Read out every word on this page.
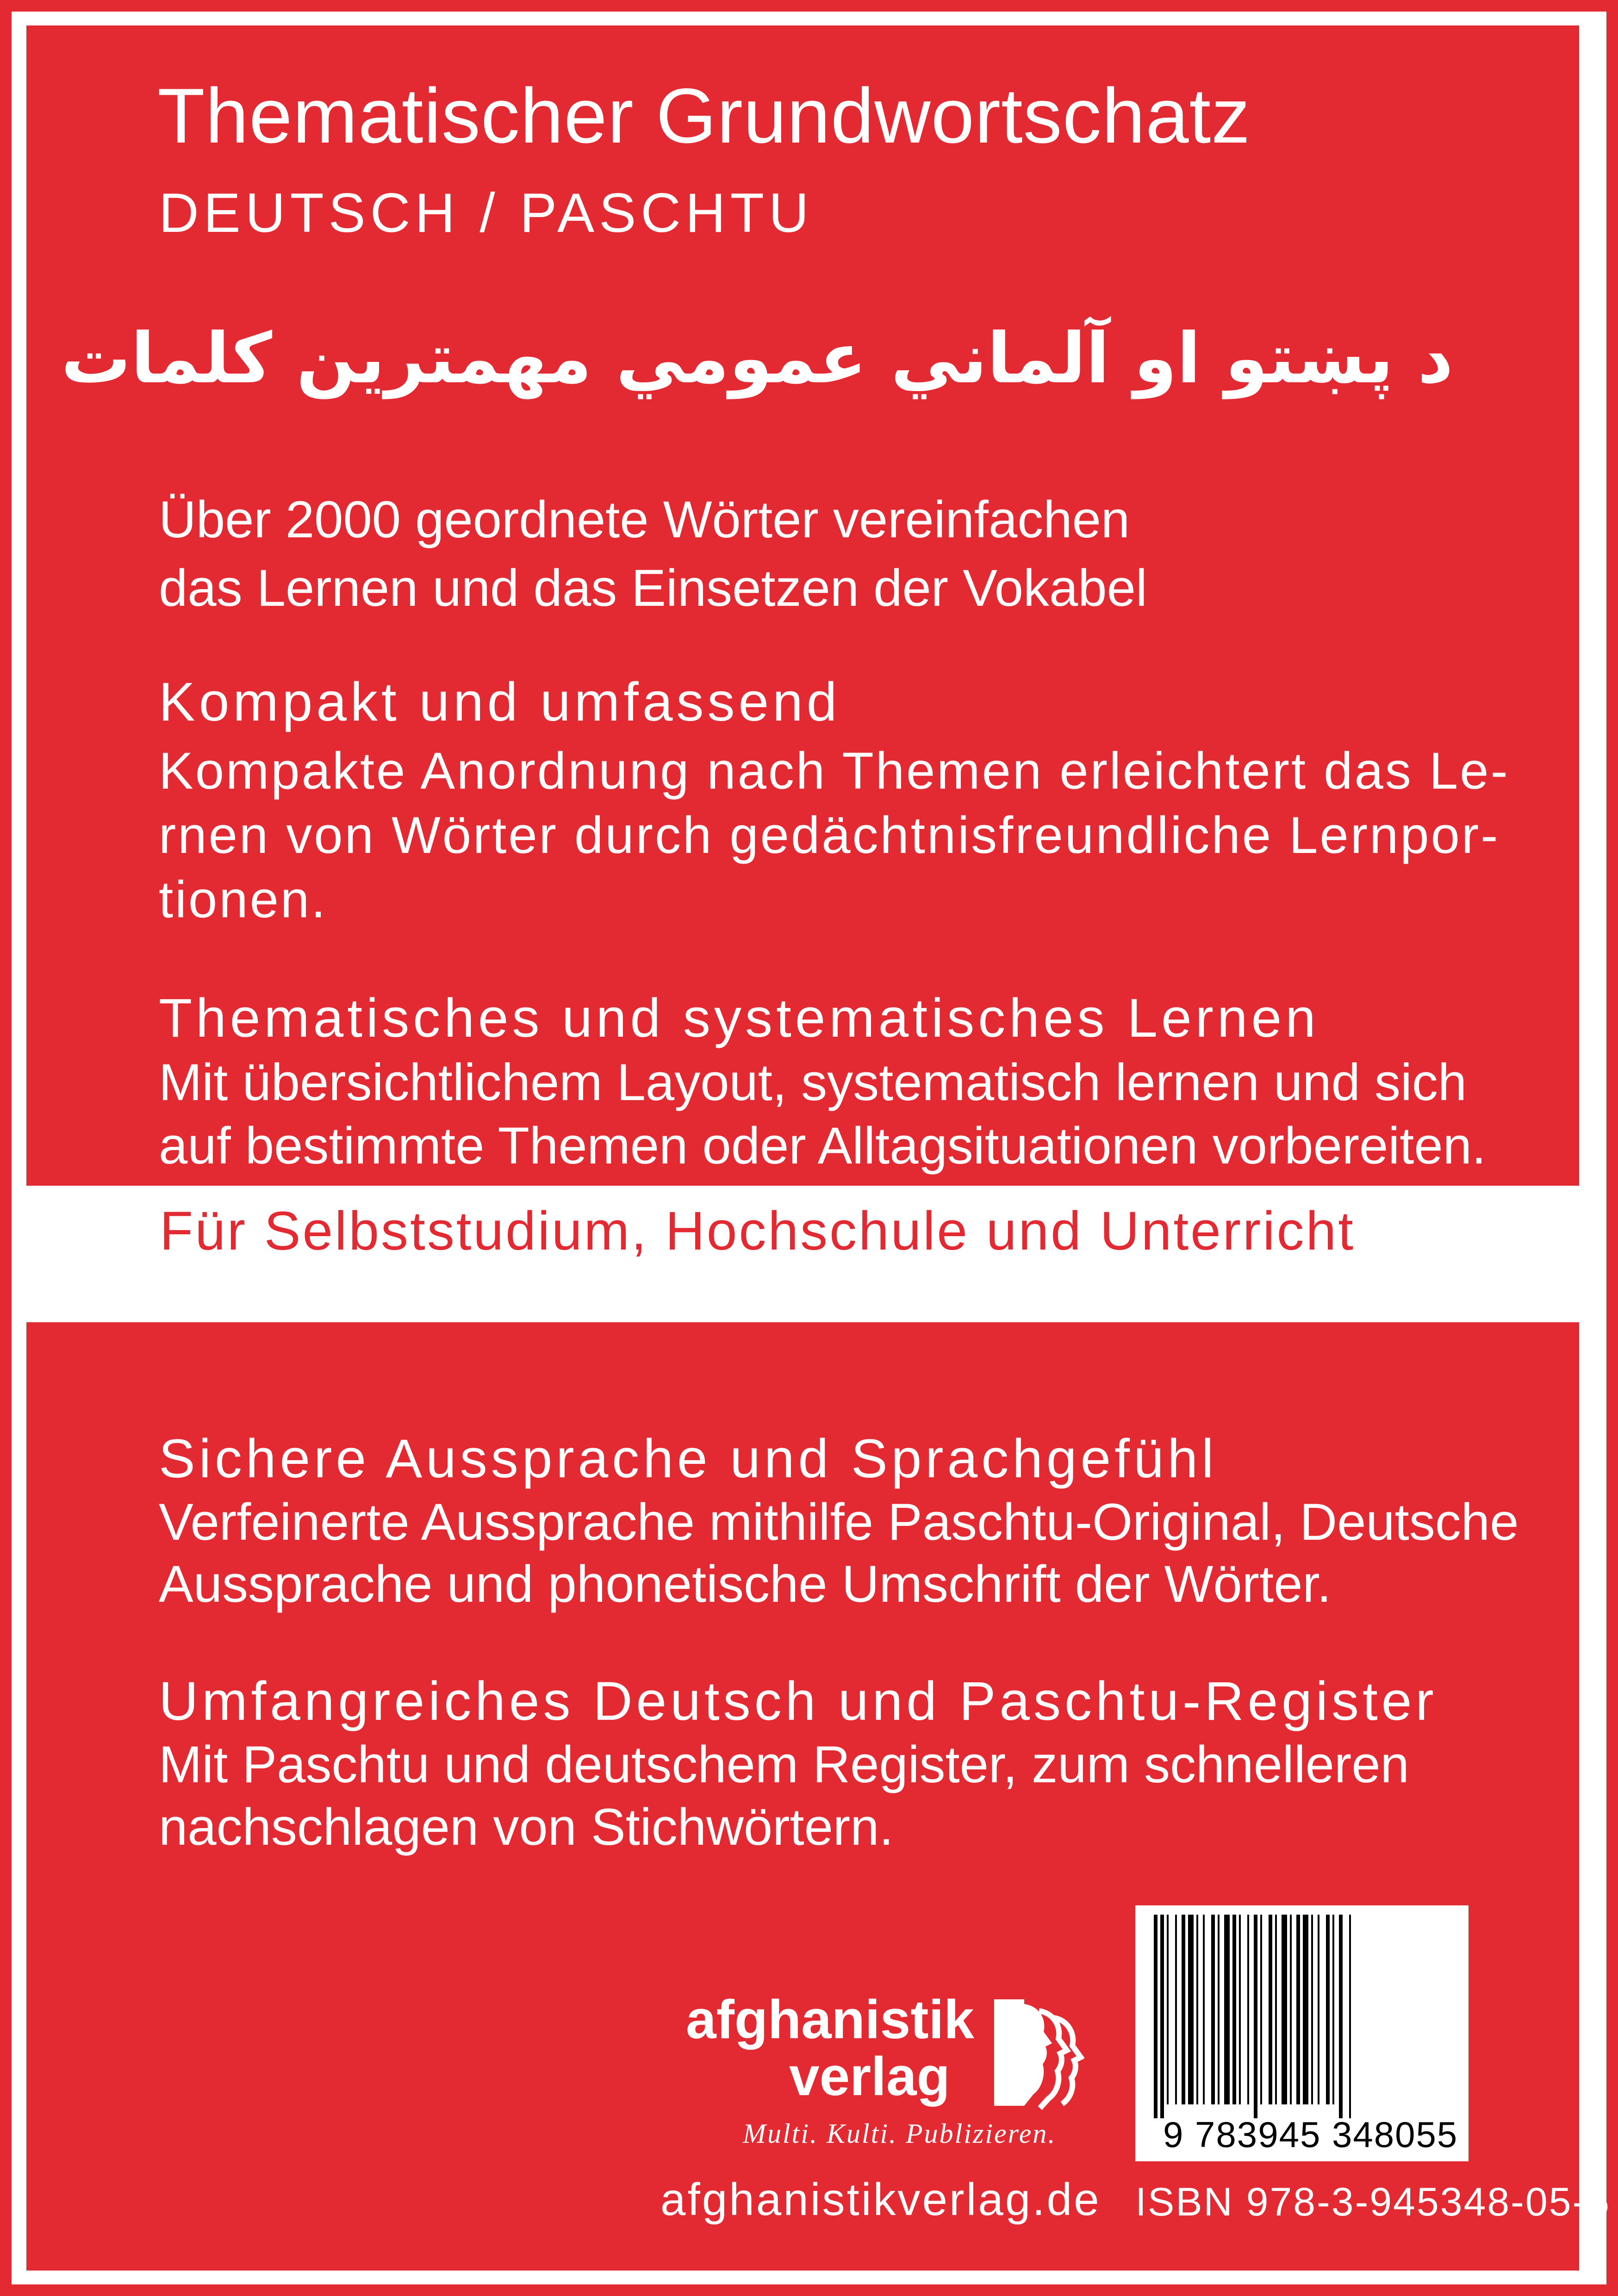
Thematischer Grundwortschatz
DEUTSCH / PASCHTU
د پښتو او آلماني عمومي مهمترين کلمات
Über 2000 geordnete Wörter vereinfachen
das Lernen und das Einsetzen der Vokabel
Kompakt und umfassend
Kompakte Anordnung nach Themen erleichtert das Le-
rnen von Wörter durch gedächtnisfreundliche Lernpor-
tionen.
Thematisches und systematisches Lernen
Mit übersichtlichem Layout, systematisch lernen und sich
auf bestimmte Themen oder Alltagsituationen vorbereiten.
Für Selbststudium, Hochschule und Unterricht
Sichere Aussprache und Sprachgefühl
Verfeinerte Aussprache mithilfe Paschtu-Original, Deutsche
Aussprache und phonetische Umschrift der Wörter.
Umfangreiches Deutsch und Paschtu-Register
Mit Paschtu und deutschem Register, zum schnelleren
nachschlagen von Stichwörtern.
afghanistik
verlag
Multi. Kulti. Publizieren.
afghanistikverlag.de
9 783945 348055
ISBN 978-3-945348-05-5
